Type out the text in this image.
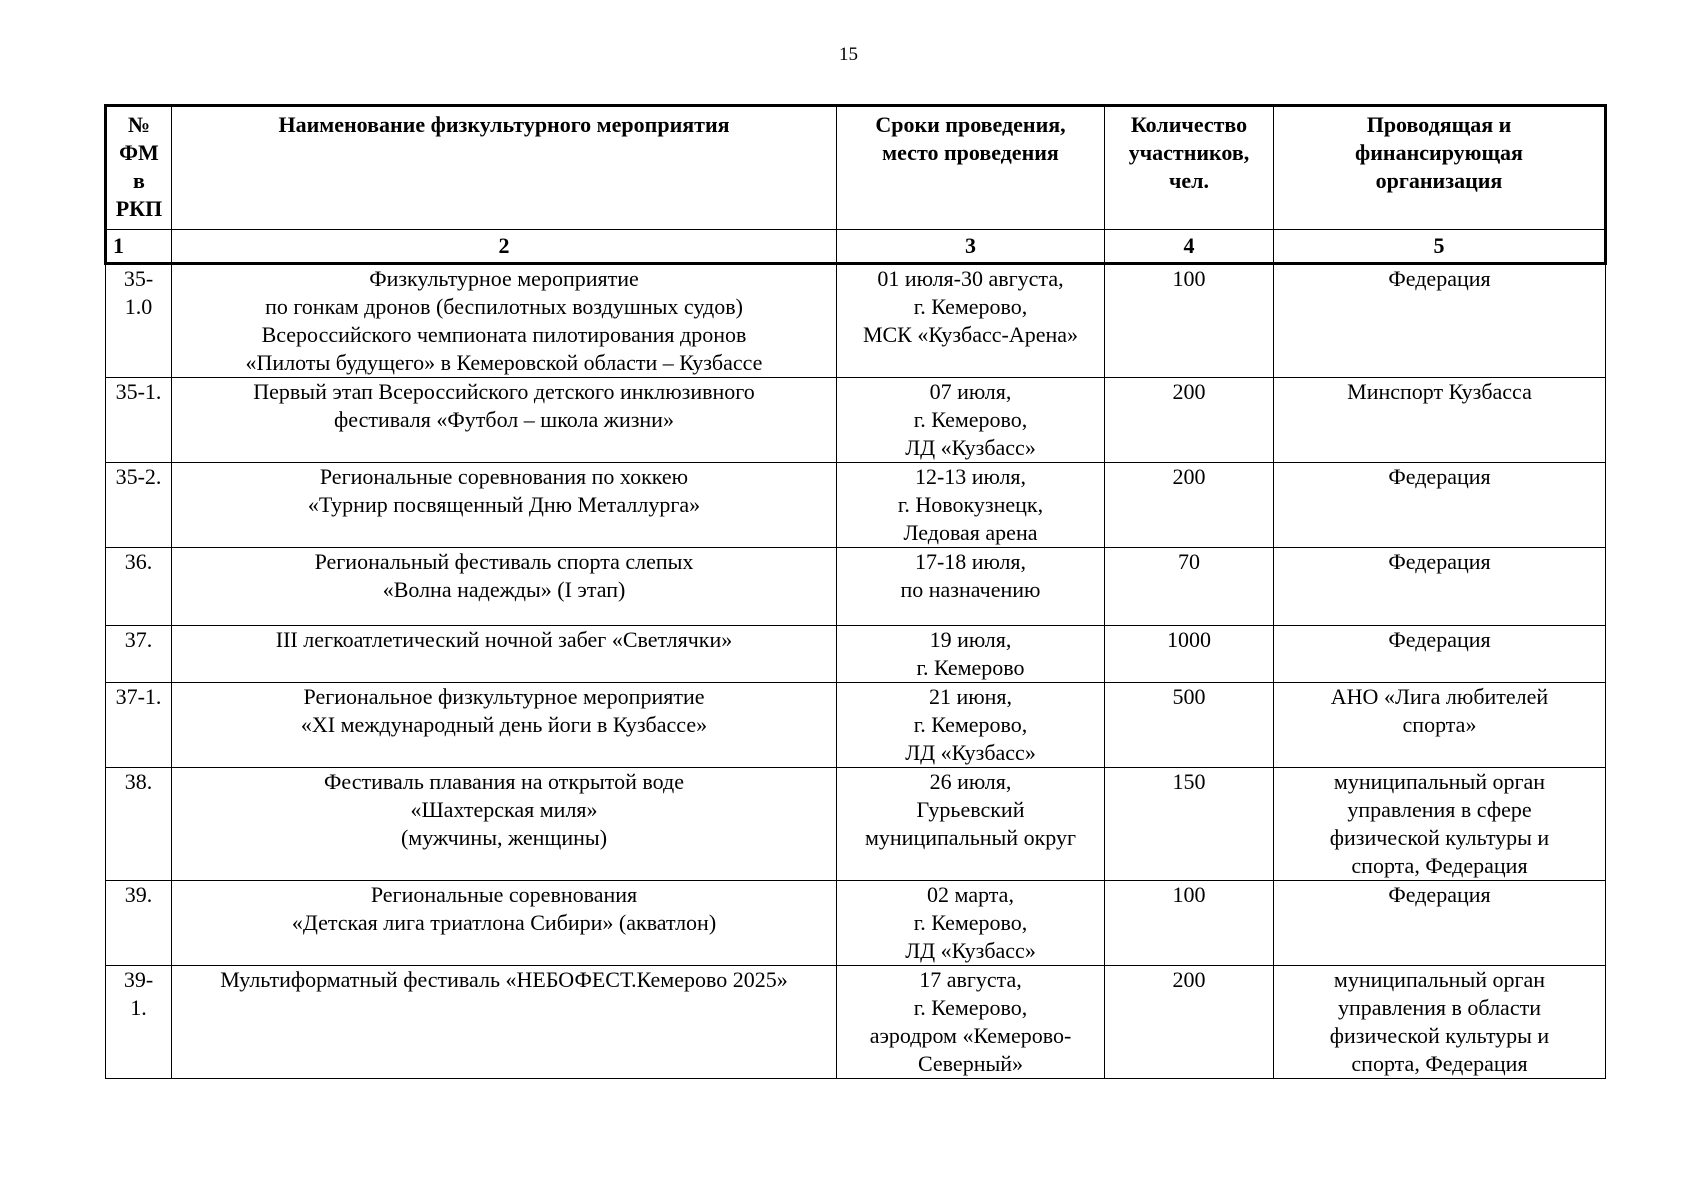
15
№
ФМ
в
РКП	Наименование физкультурного мероприятия	Сроки проведения,
место проведения	Количество
участников,
чел.	Проводящая и
финансирующая
организация
1	2	3	4	5
35-
1.0	Физкультурное мероприятие
по гонкам дронов (беспилотных воздушных судов)
Всероссийского чемпионата пилотирования дронов
«Пилоты будущего» в Кемеровской области – Кузбассе	01 июля-30 августа,
г. Кемерово,
МСК «Кузбасс-Арена»	100	Федерация
35-1.	Первый этап Всероссийского детского инклюзивного
фестиваля «Футбол – школа жизни»	07 июля,
г. Кемерово,
ЛД «Кузбасс»	200	Минспорт Кузбасса
35-2.	Региональные соревнования по хоккею
«Турнир посвященный Дню Металлурга»	12-13 июля,
г. Новокузнецк,
Ледовая арена	200	Федерация
36.	Региональный фестиваль спорта слепых
«Волна надежды» (I этап)	17-18 июля,
по назначению	70	Федерация
37.	III легкоатлетический ночной забег «Светлячки»	19 июля,
г. Кемерово	1000	Федерация
37-1.	Региональное физкультурное мероприятие
«XI международный день йоги в Кузбассе»	21 июня,
г. Кемерово,
ЛД «Кузбасс»	500	АНО «Лига любителей
спорта»
38.	Фестиваль плавания на открытой воде
«Шахтерская миля»
(мужчины, женщины)	26 июля,
Гурьевский
муниципальный округ	150	муниципальный орган
управления в сфере
физической культуры и
спорта, Федерация
39.	Региональные соревнования
«Детская лига триатлона Сибири» (акватлон)	02 марта,
г. Кемерово,
ЛД «Кузбасс»	100	Федерация
39-
1.	Мультиформатный фестиваль «НЕБОФЕСТ.Кемерово 2025»	17 августа,
г. Кемерово,
аэродром «Кемерово-
Северный»	200	муниципальный орган
управления в области
физической культуры и
спорта, Федерация
